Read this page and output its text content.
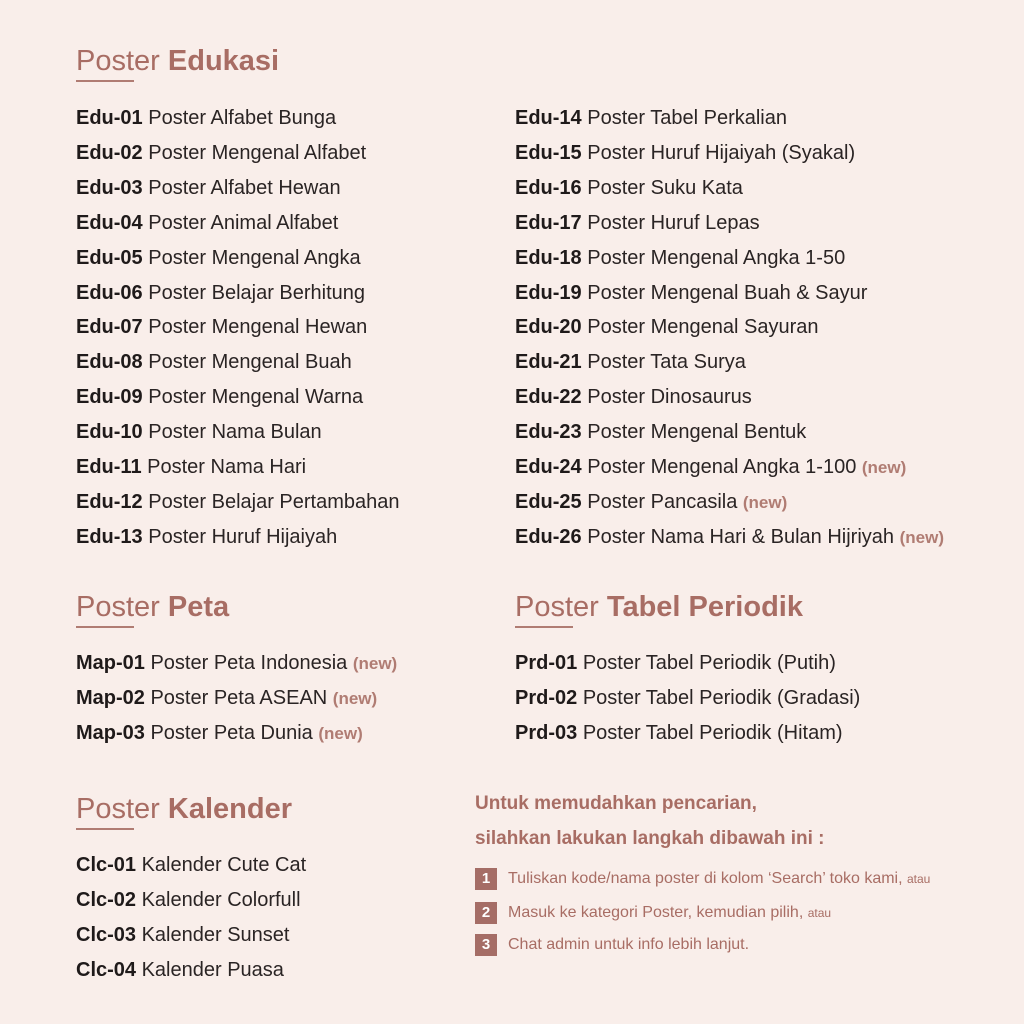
Poster Edukasi
Edu-01 Poster Alfabet Bunga
Edu-02 Poster Mengenal Alfabet
Edu-03 Poster Alfabet Hewan
Edu-04 Poster Animal Alfabet
Edu-05 Poster Mengenal Angka
Edu-06 Poster Belajar Berhitung
Edu-07 Poster Mengenal Hewan
Edu-08 Poster Mengenal Buah
Edu-09 Poster Mengenal Warna
Edu-10 Poster Nama Bulan
Edu-11 Poster Nama Hari
Edu-12 Poster Belajar Pertambahan
Edu-13 Poster Huruf Hijaiyah
Edu-14 Poster Tabel Perkalian
Edu-15 Poster Huruf Hijaiyah (Syakal)
Edu-16 Poster Suku Kata
Edu-17 Poster Huruf Lepas
Edu-18 Poster Mengenal Angka 1-50
Edu-19 Poster Mengenal Buah & Sayur
Edu-20 Poster Mengenal Sayuran
Edu-21 Poster Tata Surya
Edu-22 Poster Dinosaurus
Edu-23 Poster Mengenal Bentuk
Edu-24 Poster Mengenal Angka 1-100 (new)
Edu-25 Poster Pancasila (new)
Edu-26 Poster Nama Hari & Bulan Hijriyah (new)
Poster Peta
Map-01 Poster Peta Indonesia (new)
Map-02 Poster Peta ASEAN (new)
Map-03 Poster Peta Dunia (new)
Poster Tabel Periodik
Prd-01 Poster Tabel Periodik (Putih)
Prd-02 Poster Tabel Periodik (Gradasi)
Prd-03 Poster Tabel Periodik (Hitam)
Poster Kalender
Clc-01 Kalender Cute Cat
Clc-02 Kalender Colorfull
Clc-03 Kalender Sunset
Clc-04 Kalender Puasa
Untuk memudahkan pencarian,
silahkan lakukan langkah dibawah ini :
1	Tuliskan kode/nama poster di kolom ‘Search’ toko kami, atau
2	Masuk ke kategori Poster, kemudian pilih, atau
3	Chat admin untuk info lebih lanjut.
